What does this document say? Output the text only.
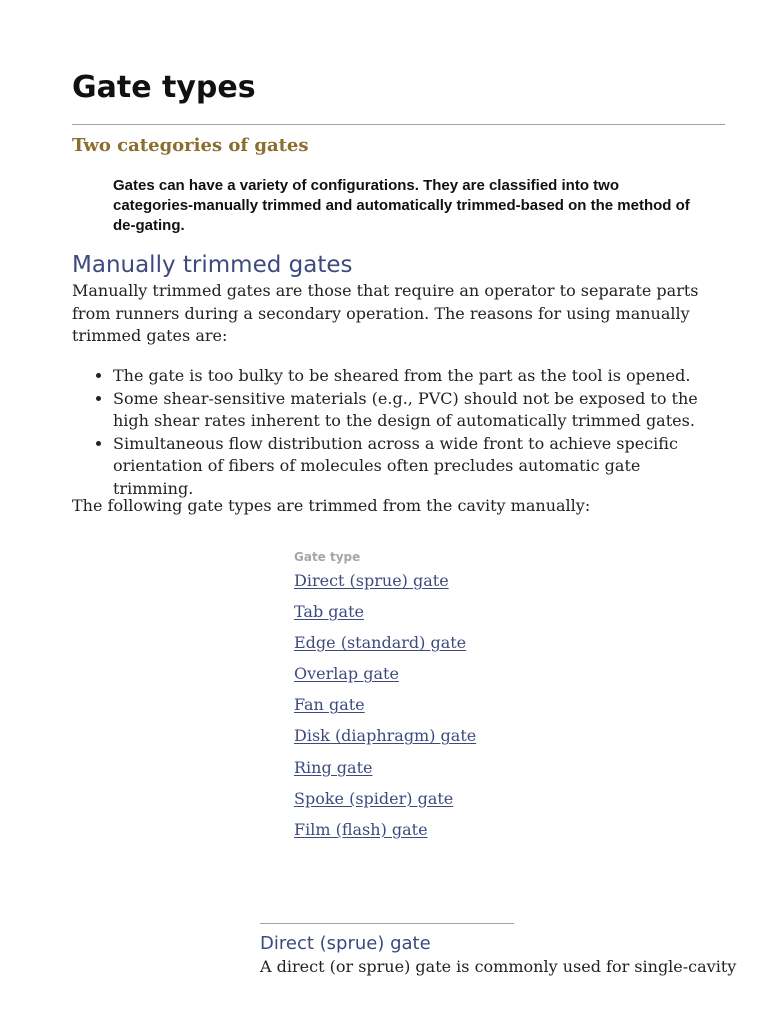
Gate types
Two categories of gates

Gates can have a variety of configurations. They are classified into two categories-manually trimmed and automatically trimmed-based on the method of de-gating.

Manually trimmed gates

Manually trimmed gates are those that require an operator to separate parts from runners during a secondary operation. The reasons for using manually trimmed gates are:

• The gate is too bulky to be sheared from the part as the tool is opened.
• Some shear-sensitive materials (e.g., PVC) should not be exposed to the high shear rates inherent to the design of automatically trimmed gates.
• Simultaneous flow distribution across a wide front to achieve specific orientation of fibers of molecules often precludes automatic gate trimming.

The following gate types are trimmed from the cavity manually:

Gate type
Direct (sprue) gate
Tab gate
Edge (standard) gate
Overlap gate
Fan gate
Disk (diaphragm) gate
Ring gate
Spoke (spider) gate
Film (flash) gate
Direct (sprue) gate

A direct (or sprue) gate is commonly used for single-cavity
